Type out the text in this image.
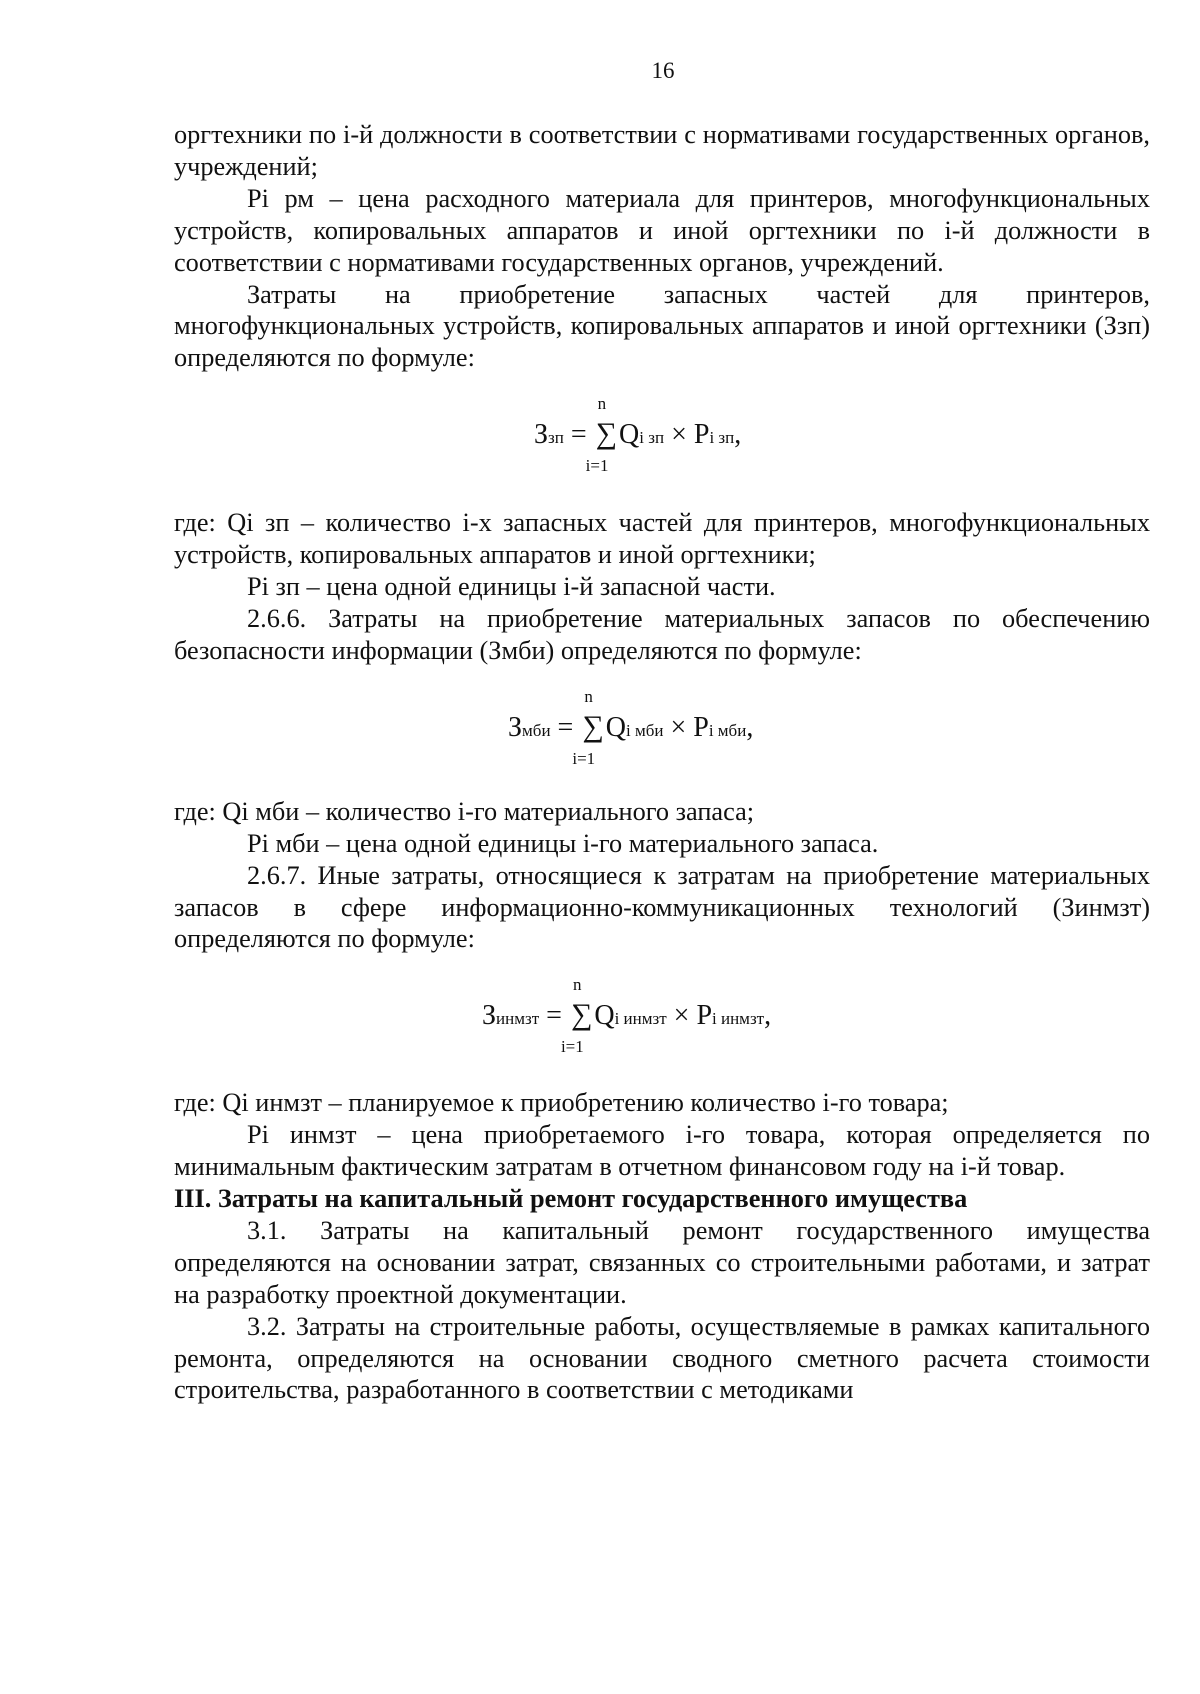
16

оргтехники по i-й должности в соответствии с нормативами государственных органов, учреждений;

Pi рм – цена расходного материала для принтеров, многофункциональных устройств, копировальных аппаратов и иной оргтехники по i-й должности в соответствии с нормативами государственных органов, учреждений.

Затраты на приобретение запасных частей для принтеров, многофункциональных устройств, копировальных аппаратов и иной оргтехники (Ззп) определяются по формуле:

Ззп = ∑
n
i=1
Qi зп × Pi зп,

где: Qi зп – количество i-х запасных частей для принтеров, многофункциональных устройств, копировальных аппаратов и иной оргтехники;

Pi зп – цена одной единицы i-й запасной части.

2.6.6. Затраты на приобретение материальных запасов по обеспечению безопасности информации (Змби) определяются по формуле:

Змби = ∑
n
i=1
Qi мби × Pi мби,

где: Qi мби – количество i-го материального запаса;

Pi мби – цена одной единицы i-го материального запаса.

2.6.7. Иные затраты, относящиеся к затратам на приобретение материальных запасов в сфере информационно-коммуникационных технологий (Зинмзт) определяются по формуле:

Зинмзт = ∑
n
i=1
Qi инмзт × Pi инмзт,

где: Qi инмзт – планируемое к приобретению количество i-го товара;

Pi инмзт – цена приобретаемого i-го товара, которая определяется по минимальным фактическим затратам в отчетном финансовом году на i-й товар.

III. Затраты на капитальный ремонт государственного имущества

3.1. Затраты на капитальный ремонт государственного имущества определяются на основании затрат, связанных со строительными работами, и затрат на разработку проектной документации.

3.2. Затраты на строительные работы, осуществляемые в рамках капитального ремонта, определяются на основании сводного сметного расчета стоимости строительства, разработанного в соответствии с методиками
